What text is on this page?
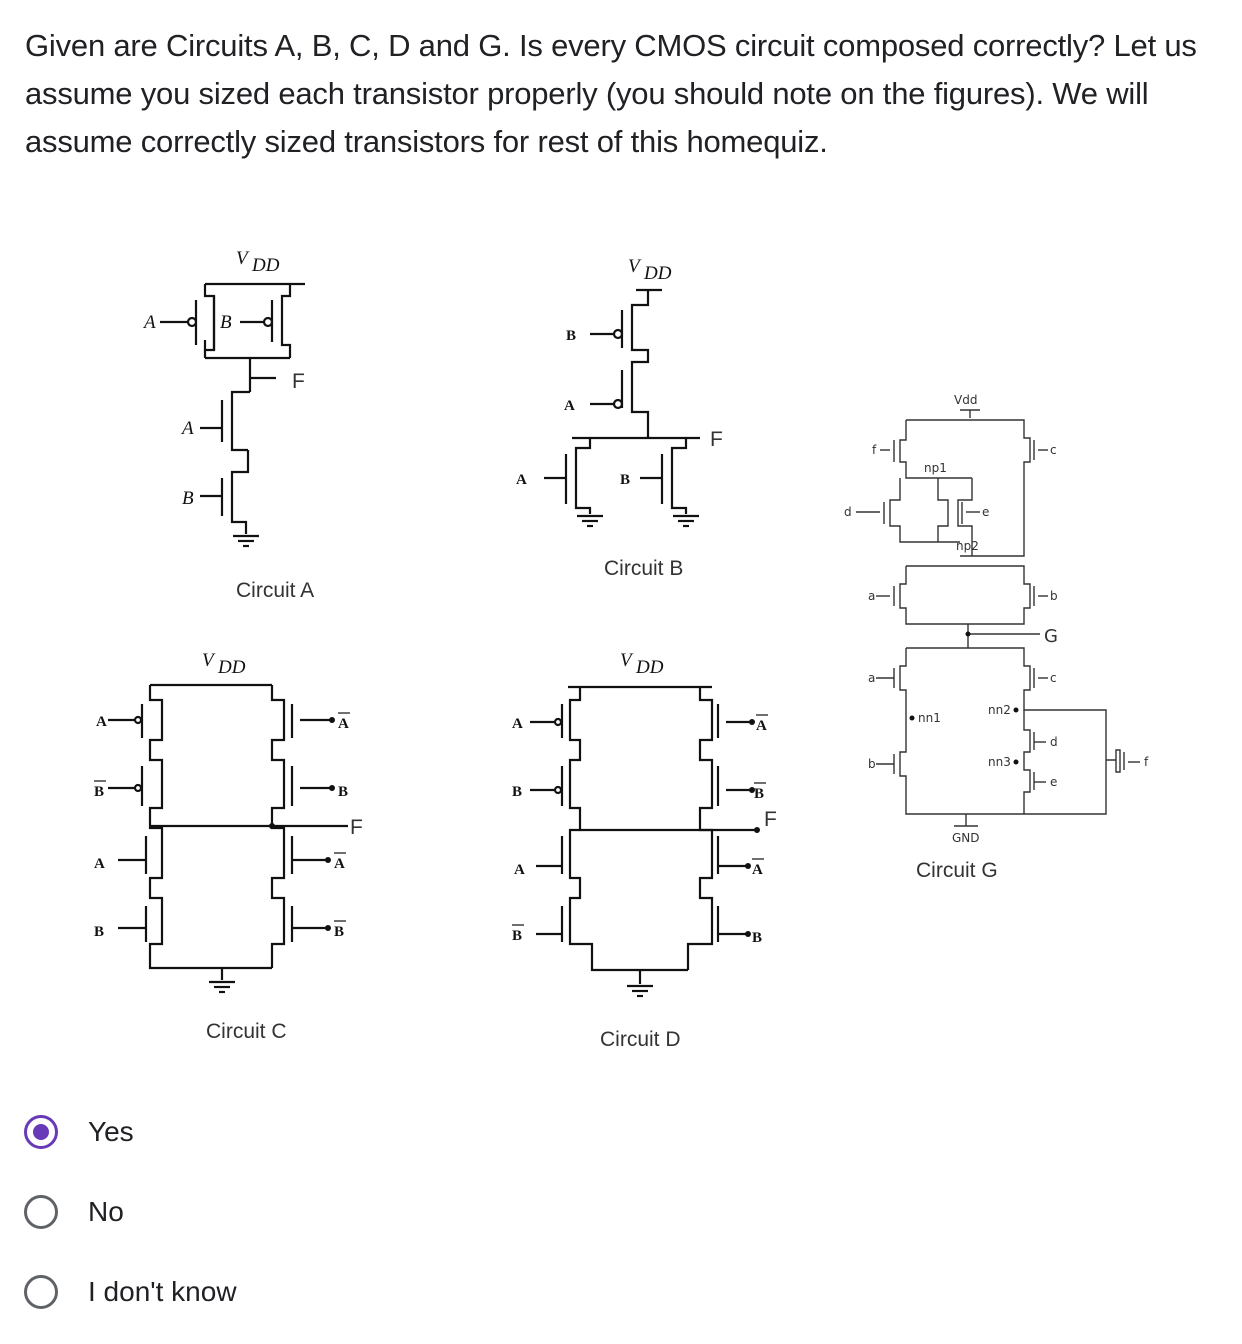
Given are Circuits A, B, C, D and G. Is every CMOS circuit composed correctly? Let us assume you sized each transistor properly (you should note on the figures). We will assume correctly sized transistors for rest of this homequiz.
V DD
A	B
F
A
B
Circuit A
V DD
B
A
F
A	B
Circuit B
V DD
A
B
A
B
A
B
A
B
F
Circuit C
V DD
A
B
A
B
A
B
A
B
F
Circuit D
Vdd
c
f
np1
d	e
np2
a	b
G
c
a
b
nn1
nn2
d
nn3
e
f
GND
Circuit G
Yes
No
I don't know
